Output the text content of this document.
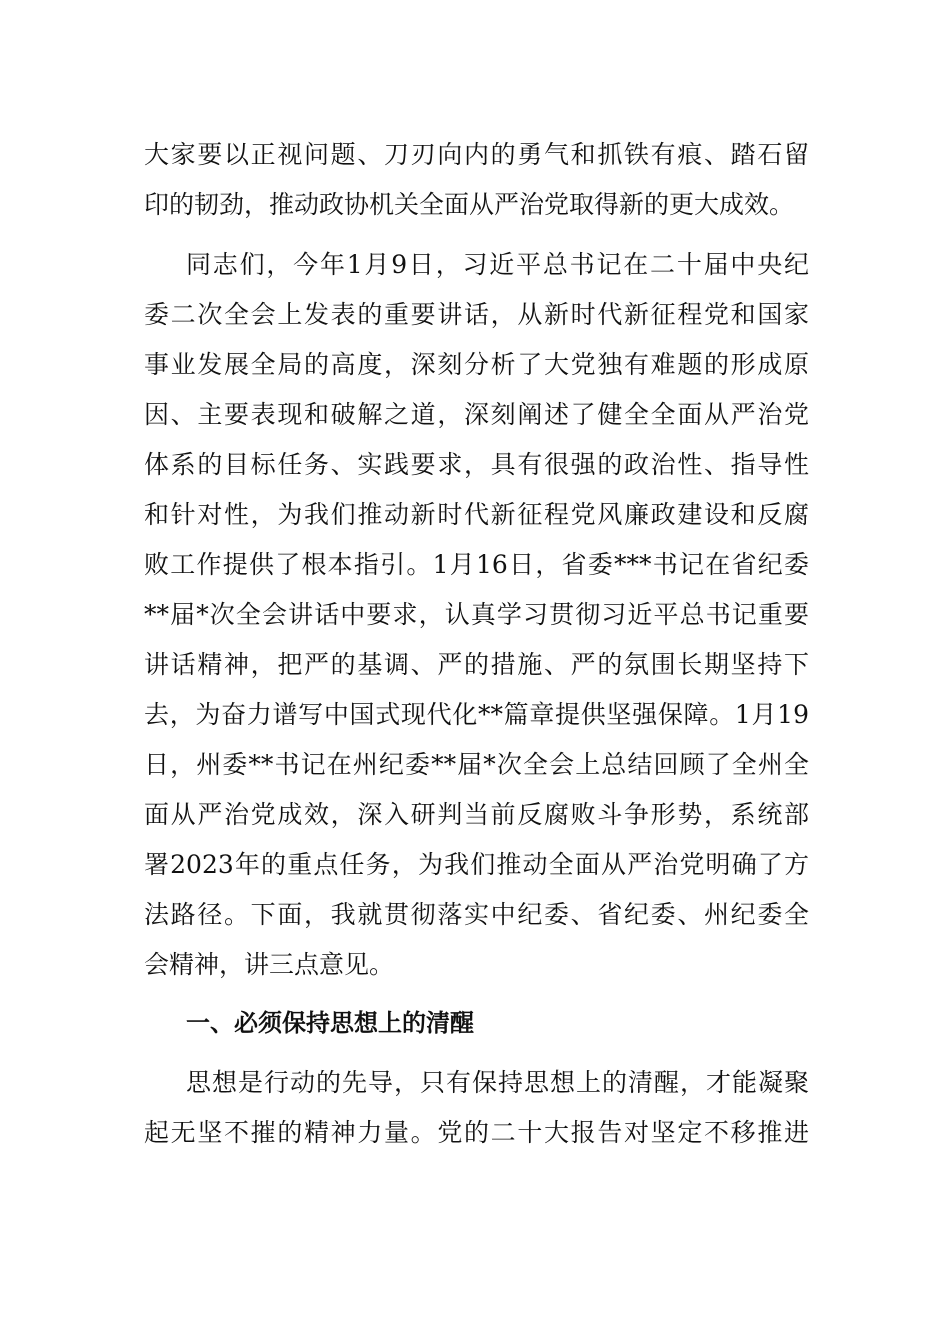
大家要以正视问题、刀刃向内的勇气和抓铁有痕、踏石留
印的韧劲，推动政协机关全面从严治党取得新的更大成效。
同志们，今年1月9日，习近平总书记在二十届中央纪
委二次全会上发表的重要讲话，从新时代新征程党和国家
事业发展全局的高度，深刻分析了大党独有难题的形成原
因、主要表现和破解之道，深刻阐述了健全全面从严治党
体系的目标任务、实践要求，具有很强的政治性、指导性
和针对性，为我们推动新时代新征程党风廉政建设和反腐
败工作提供了根本指引。1月16日，省委***书记在省纪委
**届*次全会讲话中要求，认真学习贯彻习近平总书记重要
讲话精神，把严的基调、严的措施、严的氛围长期坚持下
去，为奋力谱写中国式现代化**篇章提供坚强保障。1月19
日，州委**书记在州纪委**届*次全会上总结回顾了全州全
面从严治党成效，深入研判当前反腐败斗争形势，系统部
署2023年的重点任务，为我们推动全面从严治党明确了方
法路径。下面，我就贯彻落实中纪委、省纪委、州纪委全
会精神，讲三点意见。
一、必须保持思想上的清醒
思想是行动的先导，只有保持思想上的清醒，才能凝聚
起无坚不摧的精神力量。党的二十大报告对坚定不移推进
